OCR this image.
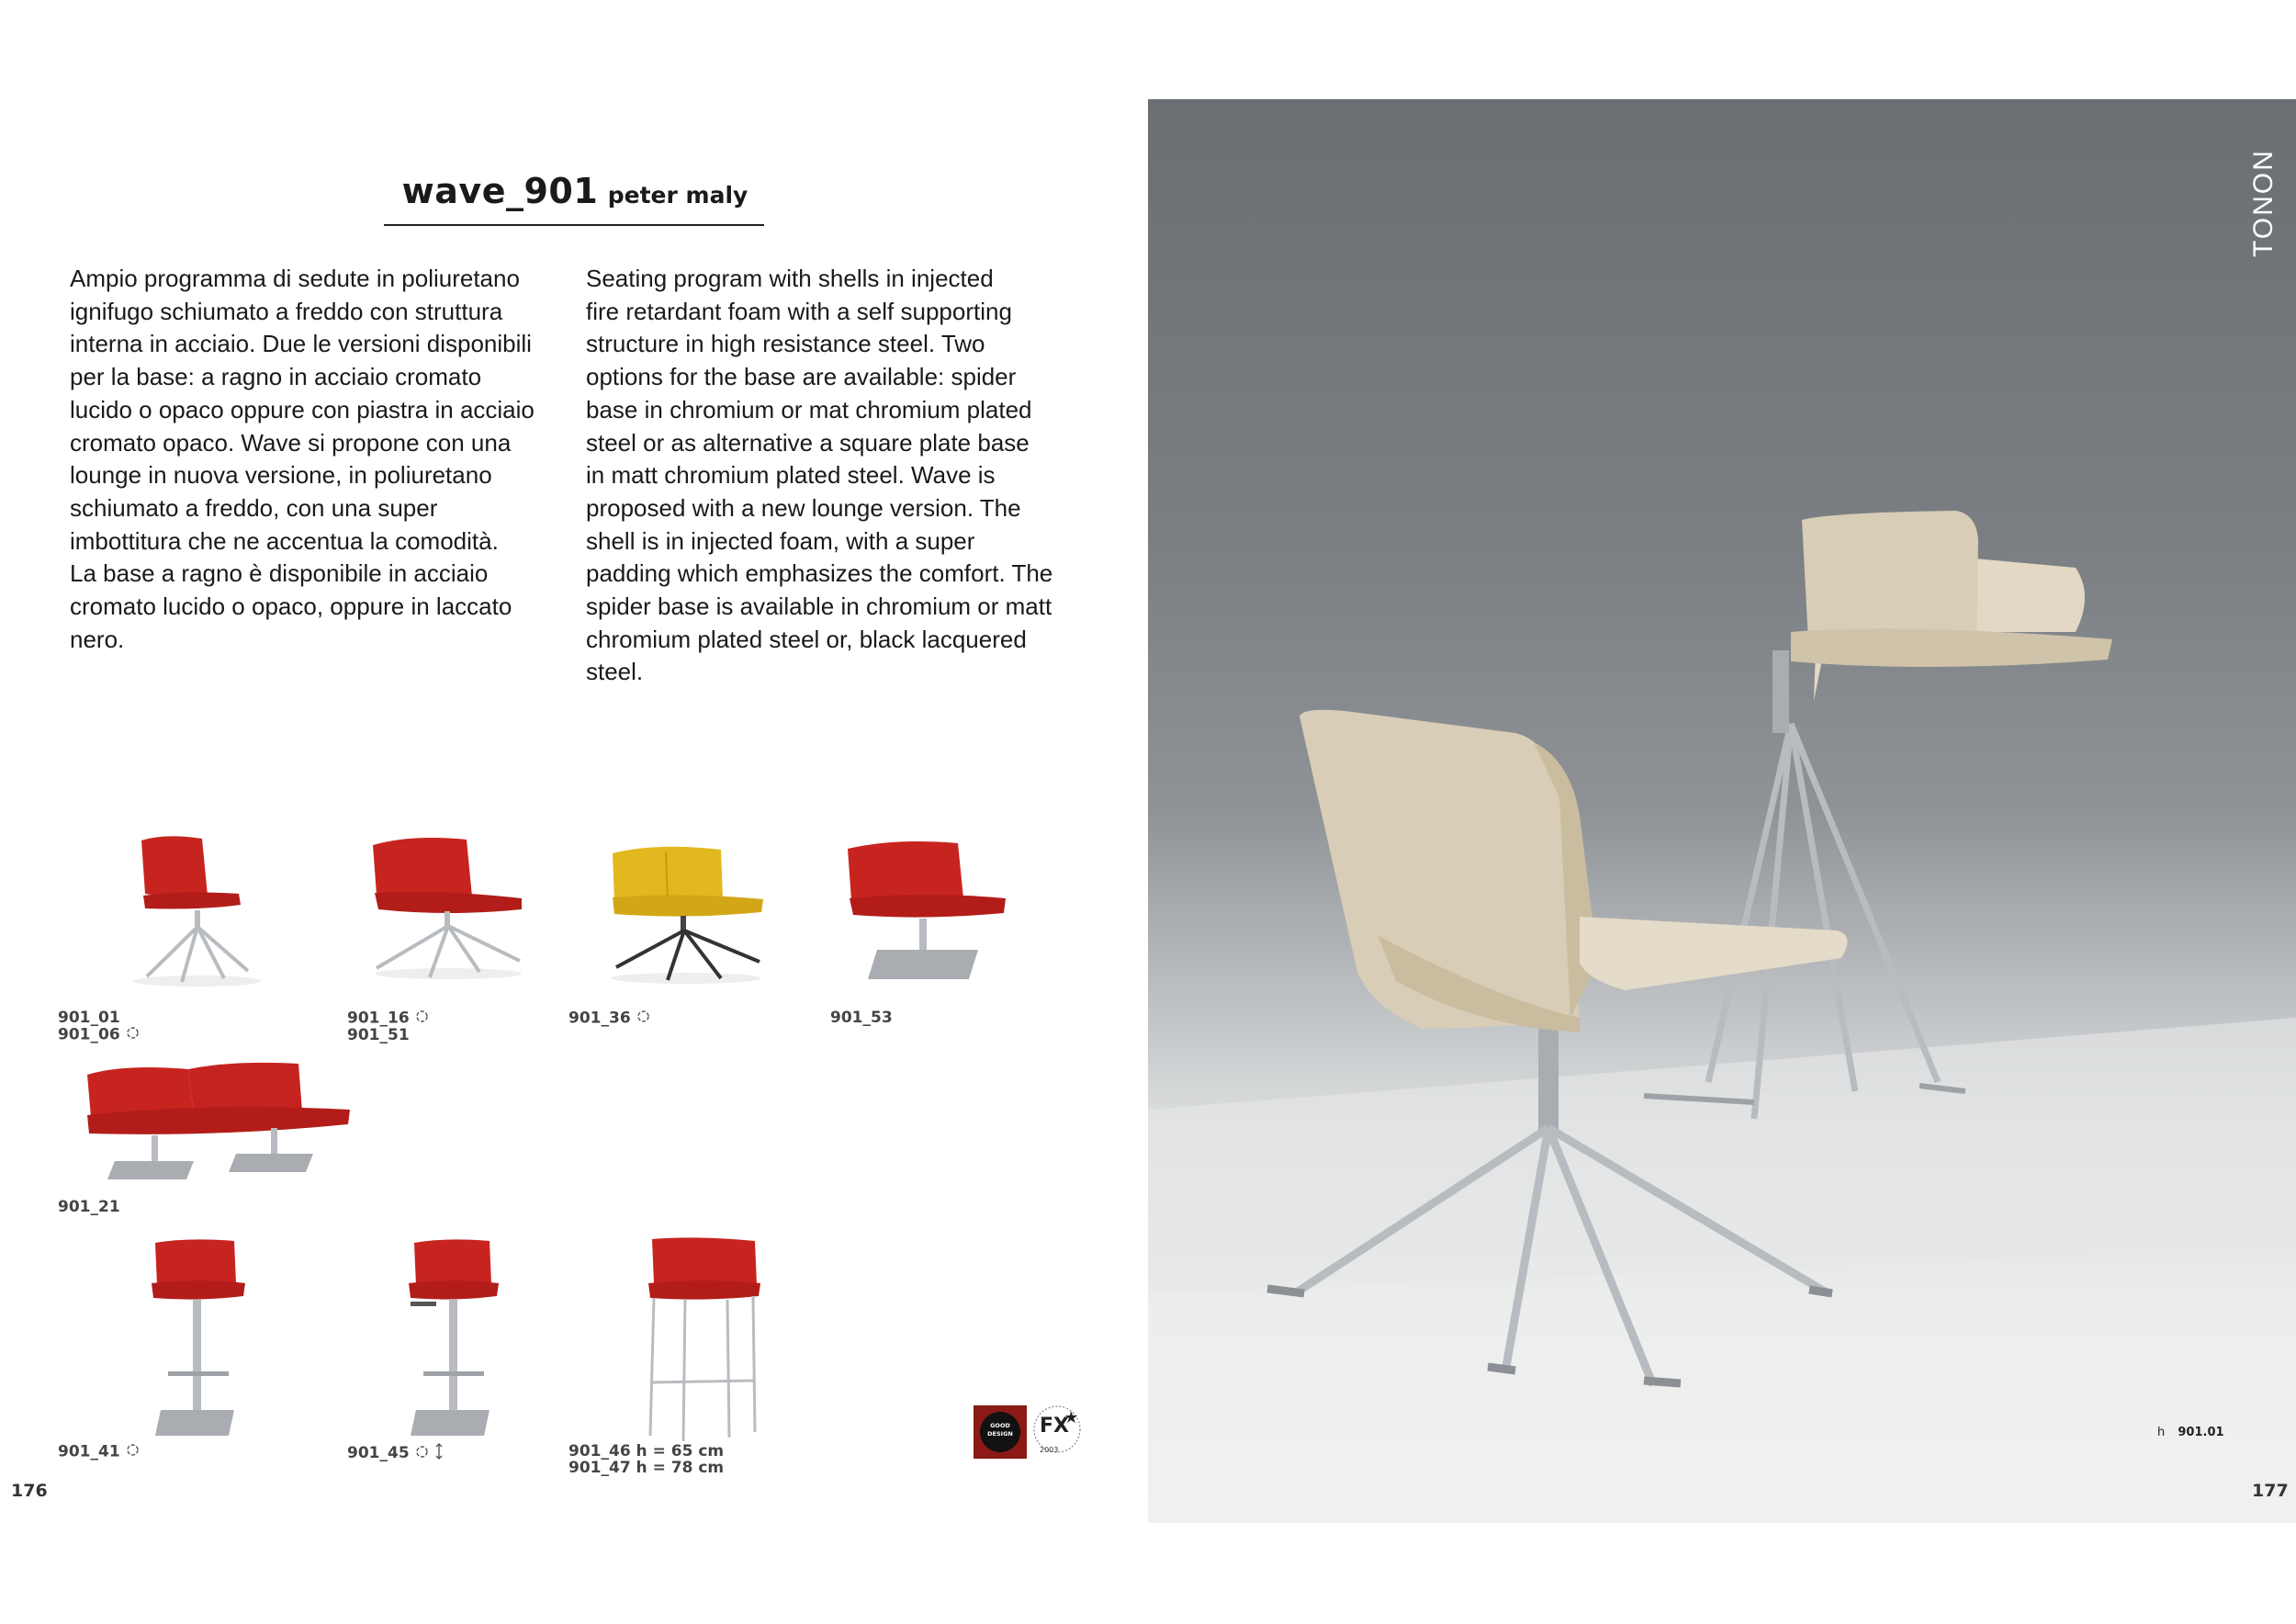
wave_901 peter maly
Ampio programma di sedute in poliuretano
ignifugo schiumato a freddo con struttura
interna in acciaio. Due le versioni disponibili
per la base: a ragno in acciaio cromato
lucido o opaco oppure con piastra in acciaio
cromato opaco. Wave si propone con una
lounge in nuova versione, in poliuretano
schiumato a freddo, con una super
imbottitura che ne accentua la comodità.
La base a ragno è disponibile in acciaio
cromato lucido o opaco, oppure in laccato
nero.
Seating program with shells in injected
fire retardant foam with a self supporting
structure in high resistance steel. Two
options for the base are available: spider
base in chromium or mat chromium plated
steel or as alternative a square plate base
in matt chromium plated steel. Wave is
proposed with a new lounge version. The
shell is in injected foam, with a super
padding which emphasizes the comfort. The
spider base is available in chromium or matt
chromium plated steel or, black lacquered
steel.
901_01
901_06
901_16
901_51
901_36	901_53
901_21
901_41	901_45	901_46 h = 65 cm
901_47 h = 78 cm
GOOD
DESIGN	FX
2003
176
TONON
h 901.01
177
